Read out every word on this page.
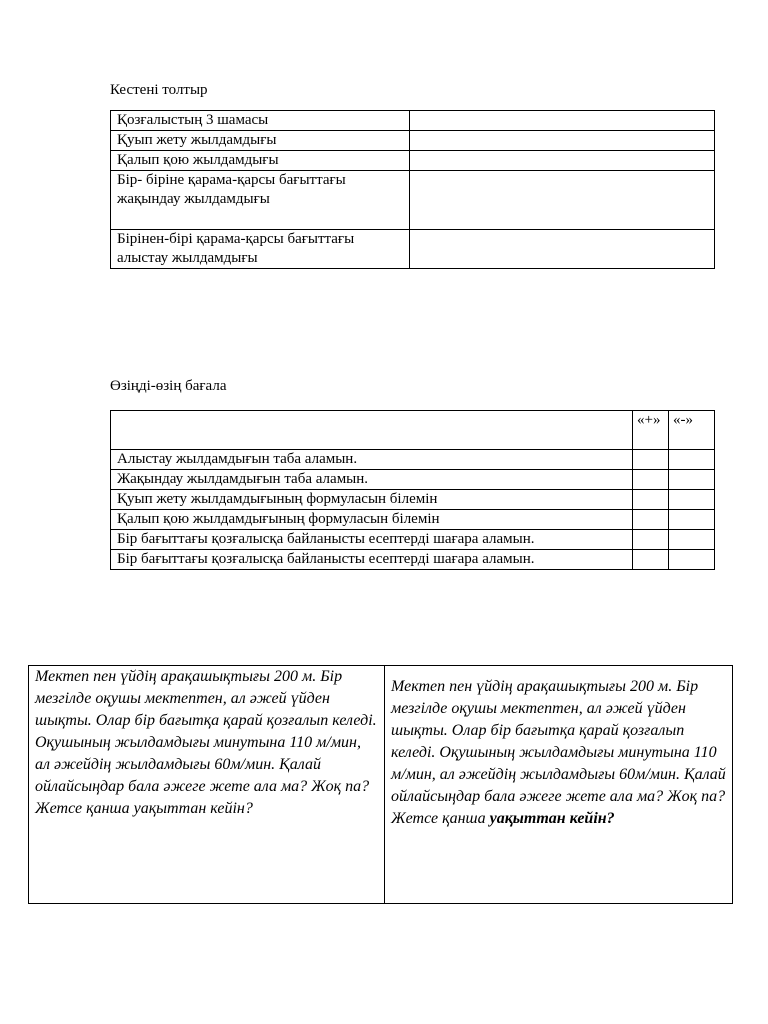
Кестені толтыр
Қозғалыстың 3 шамасы	
Қуып жету жылдамдығы	
Қалып қою жылдамдығы	
Бір- біріне қарама-қарсы бағыттағы жақындау жылдамдығы	
Бірінен-бірі қарама-қарсы бағыттағы алыстау жылдамдығы	
Өзіңді-өзің бағала
	«+»	«-»
Алыстау жылдамдығын таба аламын.		
Жақындау жылдамдығын таба аламын.		
Қуып жету жылдамдығының формуласын білемін		
Қалып қою жылдамдығының формуласын білемін		
Бір бағыттағы қозғалысқа байланысты есептерді шағара аламын.		
Бір бағыттағы қозғалысқа байланысты есептерді шағара аламын.		
Мектеп пен үйдің арақашықтығы 200 м. Бір мезгілде оқушы мектептен, ал әжей үйден шықты. Олар бір бағытқа қарай қозғалып келеді. Оқушының жылдамдығы минутына 110 м/мин, ал әжейдің жылдамдығы 60м/мин. Қалай ойлайсыңдар бала әжеге жете ала ма? Жоқ па? Жетсе қанша уақыттан кейін?	Мектеп пен үйдің арақашықтығы 200 м. Бір мезгілде оқушы мектептен, ал әжей үйден шықты. Олар бір бағытқа қарай қозғалып келеді. Оқушының жылдамдығы минутына 110 м/мин, ал әжейдің жылдамдығы 60м/мин. Қалай ойлайсыңдар бала әжеге жете ала ма? Жоқ па? Жетсе қанша уақыттан кейін?
